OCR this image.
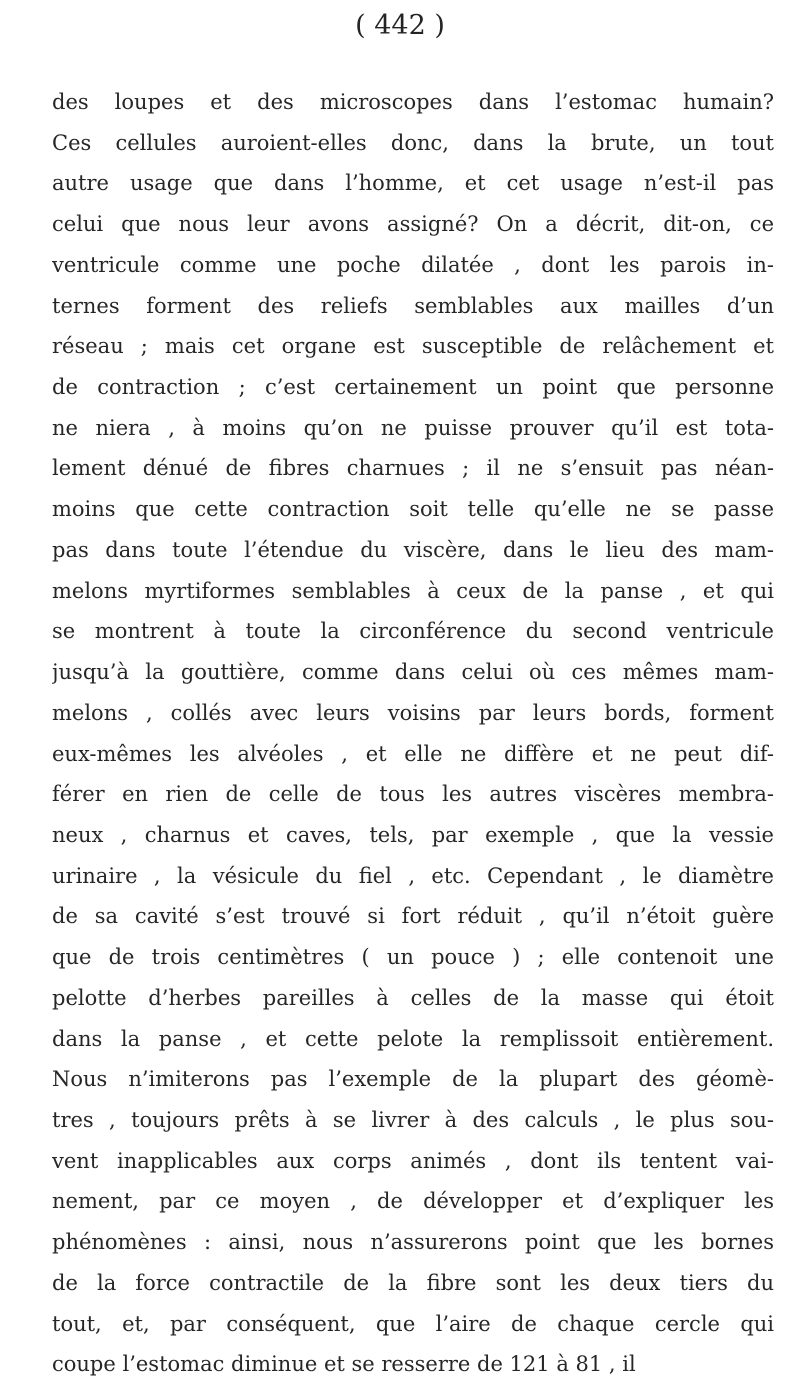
( 442 )
des loupes et des microscopes dans l’estomac humain?
Ces cellules auroient-elles donc, dans la brute, un tout
autre usage que dans l’homme, et cet usage n’est-il pas
celui que nous leur avons assigné? On a décrit, dit-on, ce
ventricule comme une poche dilatée , dont les parois in-
ternes forment des reliefs semblables aux mailles d’un
réseau ; mais cet organe est susceptible de relâchement et
de contraction ; c’est certainement un point que personne
ne niera , à moins qu’on ne puisse prouver qu’il est tota-
lement dénué de fibres charnues ; il ne s’ensuit pas néan-
moins que cette contraction soit telle qu’elle ne se passe
pas dans toute l’étendue du viscère, dans le lieu des mam-
melons myrtiformes semblables à ceux de la panse , et qui
se montrent à toute la circonférence du second ventricule
jusqu’à la gouttière, comme dans celui où ces mêmes mam-
melons , collés avec leurs voisins par leurs bords, forment
eux-mêmes les alvéoles , et elle ne diffère et ne peut dif-
férer en rien de celle de tous les autres viscères membra-
neux , charnus et caves, tels, par exemple , que la vessie
urinaire , la vésicule du fiel , etc. Cependant , le diamètre
de sa cavité s’est trouvé si fort réduit , qu’il n’étoit guère
que de trois centimètres ( un pouce ) ; elle contenoit une
pelotte d’herbes pareilles à celles de la masse qui étoit
dans la panse , et cette pelote la remplissoit entièrement.
Nous n’imiterons pas l’exemple de la plupart des géomè-
tres , toujours prêts à se livrer à des calculs , le plus sou-
vent inapplicables aux corps animés , dont ils tentent vai-
nement, par ce moyen , de développer et d’expliquer les
phénomènes : ainsi, nous n’assurerons point que les bornes
de la force contractile de la fibre sont les deux tiers du
tout, et, par conséquent, que l’aire de chaque cercle qui
coupe l’estomac diminue et se resserre de 121 à 81 , il
